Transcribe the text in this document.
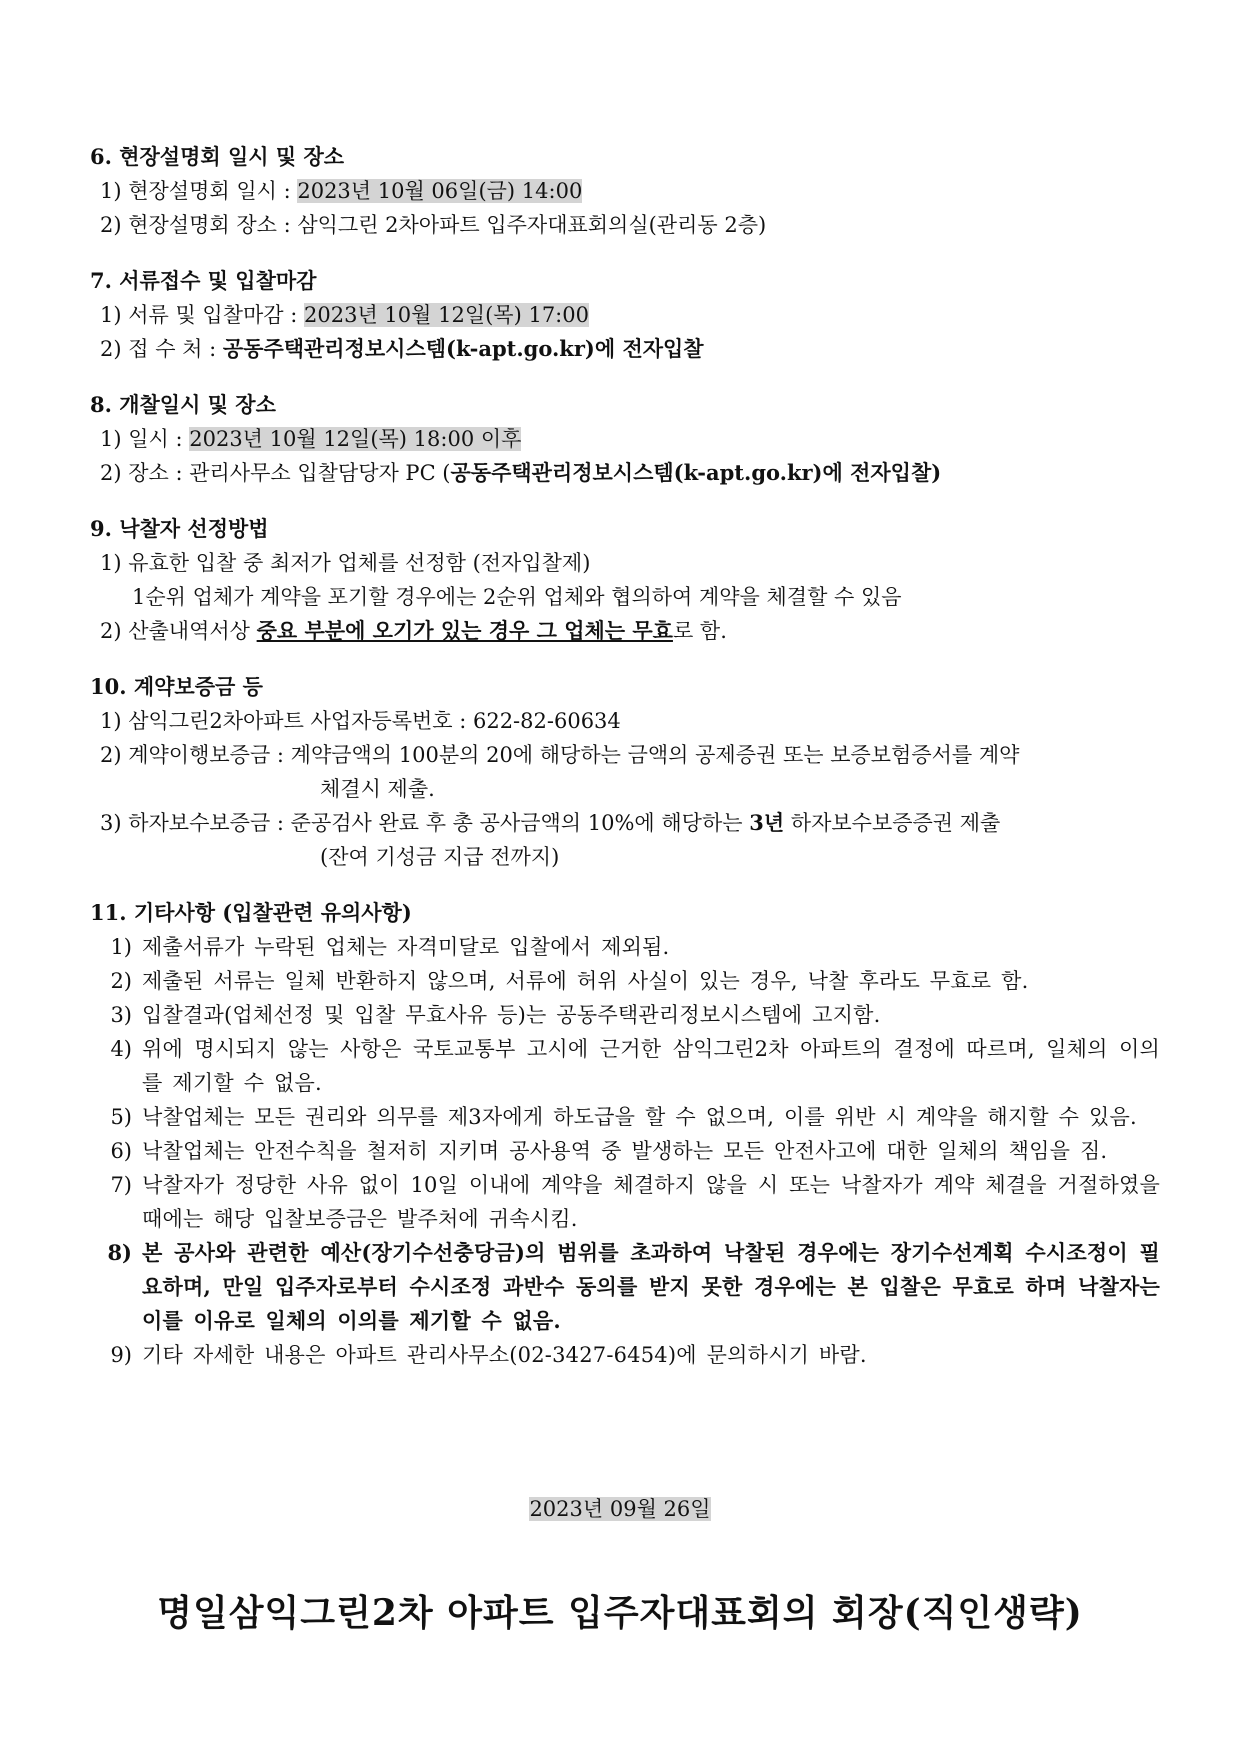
6. 현장설명회 일시 및 장소
1) 현장설명회 일시 : 2023년 10월 06일(금) 14:00
2) 현장설명회 장소 : 삼익그린 2차아파트 입주자대표회의실(관리동 2층)
7. 서류접수 및 입찰마감
1) 서류 및 입찰마감 : 2023년 10월 12일(목) 17:00
2) 접 수 처 : 공동주택관리정보시스템(k-apt.go.kr)에 전자입찰
8. 개찰일시 및 장소
1) 일시 : 2023년 10월 12일(목) 18:00 이후
2) 장소 : 관리사무소 입찰담당자 PC (공동주택관리정보시스템(k-apt.go.kr)에 전자입찰)
9. 낙찰자 선정방법
1) 유효한 입찰 중 최저가 업체를 선정함 (전자입찰제)
1순위 업체가 계약을 포기할 경우에는 2순위 업체와 협의하여 계약을 체결할 수 있음
2) 산출내역서상 중요 부분에 오기가 있는 경우 그 업체는 무효로 함.
10. 계약보증금 등
1) 삼익그린2차아파트 사업자등록번호 : 622-82-60634
2) 계약이행보증금 : 계약금액의 100분의 20에 해당하는 금액의 공제증권 또는 보증보험증서를 계약
체결시 제출.
3) 하자보수보증금 : 준공검사 완료 후 총 공사금액의 10%에 해당하는 3년 하자보수보증증권 제출
(잔여 기성금 지급 전까지)
11. 기타사항 (입찰관련 유의사항)
1) 제출서류가 누락된 업체는 자격미달로 입찰에서 제외됨.
2) 제출된 서류는 일체 반환하지 않으며, 서류에 허위 사실이 있는 경우, 낙찰 후라도 무효로 함.
3) 입찰결과(업체선정 및 입찰 무효사유 등)는 공동주택관리정보시스템에 고지함.
4) 위에 명시되지 않는 사항은 국토교통부 고시에 근거한 삼익그린2차 아파트의 결정에 따르며, 일체의 이의를 제기할 수 없음.
5) 낙찰업체는 모든 권리와 의무를 제3자에게 하도급을 할 수 없으며, 이를 위반 시 계약을 해지할 수 있음.
6) 낙찰업체는 안전수칙을 철저히 지키며 공사용역 중 발생하는 모든 안전사고에 대한 일체의 책임을 짐.
7) 낙찰자가 정당한 사유 없이 10일 이내에 계약을 체결하지 않을 시 또는 낙찰자가 계약 체결을 거절하였을 때에는 해당 입찰보증금은 발주처에 귀속시킴.
8) 본 공사와 관련한 예산(장기수선충당금)의 범위를 초과하여 낙찰된 경우에는 장기수선계획 수시조정이 필요하며, 만일 입주자로부터 수시조정 과반수 동의를 받지 못한 경우에는 본 입찰은 무효로 하며 낙찰자는 이를 이유로 일체의 이의를 제기할 수 없음.
9) 기타 자세한 내용은 아파트 관리사무소(02-3427-6454)에 문의하시기 바람.
2023년 09월 26일
명일삼익그린2차 아파트 입주자대표회의 회장(직인생략)
